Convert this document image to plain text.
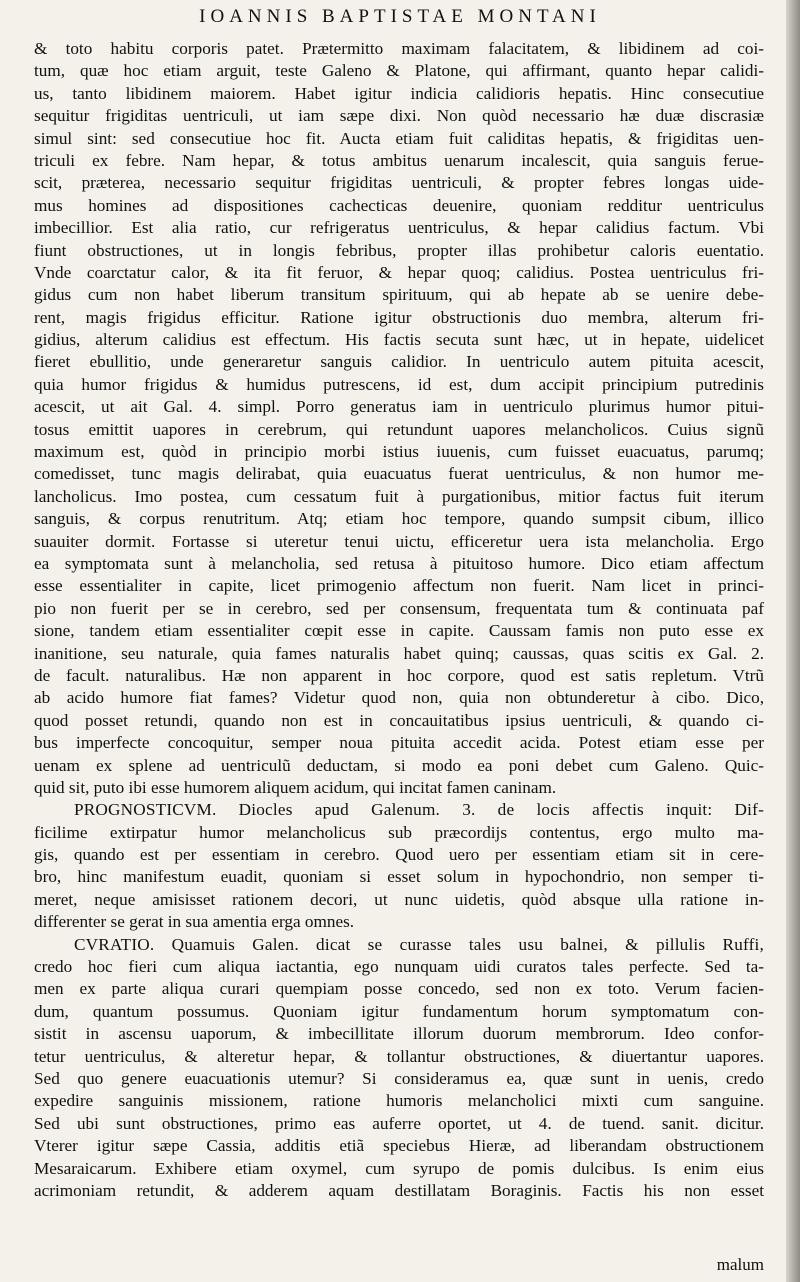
IOANNIS BAPTISTAE MONTANI
& toto habitu corporis patet. Prætermitto maximam falacitatem, & libidinem ad coi-
tum, quæ hoc etiam arguit, teste Galeno & Platone, qui affirmant, quanto hepar calidi-
us, tanto libidinem maiorem. Habet igitur indicia calidioris hepatis. Hinc consecutiue
sequitur frigiditas uentriculi, ut iam sæpe dixi. Non quòd necessario hæ duæ discrasiæ
simul sint: sed consecutiue hoc fit. Aucta etiam fuit caliditas hepatis, & frigiditas uen-
triculi ex febre. Nam hepar, & totus ambitus uenarum incalescit, quia sanguis ferue-
scit, præterea, necessario sequitur frigiditas uentriculi, & propter febres longas uide-
mus homines ad dispositiones cachecticas deuenire, quoniam redditur uentriculus
imbecillior. Est alia ratio, cur refrigeratus uentriculus, & hepar calidius factum. Vbi
fiunt obstructiones, ut in longis febribus, propter illas prohibetur caloris euentatio.
Vnde coarctatur calor, & ita fit feruor, & hepar quoq; calidius. Postea uentriculus fri-
gidus cum non habet liberum transitum spirituum, qui ab hepate ab se uenire debe-
rent, magis frigidus efficitur. Ratione igitur obstructionis duo membra, alterum fri-
gidius, alterum calidius est effectum. His factis secuta sunt hæc, ut in hepate, uidelicet
fieret ebullitio, unde generaretur sanguis calidior. In uentriculo autem pituita acescit,
quia humor frigidus & humidus putrescens, id est, dum accipit principium putredinis
acescit, ut ait Gal. 4. simpl. Porro generatus iam in uentriculo plurimus humor pitui-
tosus emittit uapores in cerebrum, qui retundunt uapores melancholicos. Cuius signũ
maximum est, quòd in principio morbi istius iuuenis, cum fuisset euacuatus, parumq;
comedisset, tunc magis delirabat, quia euacuatus fuerat uentriculus, & non humor me-
lancholicus. Imo postea, cum cessatum fuit à purgationibus, mitior factus fuit iterum
sanguis, & corpus renutritum. Atq; etiam hoc tempore, quando sumpsit cibum, illico
suauiter dormit. Fortasse si uteretur tenui uictu, efficeretur uera ista melancholia. Ergo
ea symptomata sunt à melancholia, sed retusa à pituitoso humore. Dico etiam affectum
esse essentialiter in capite, licet primogenio affectum non fuerit. Nam licet in princi-
pio non fuerit per se in cerebro, sed per consensum, frequentata tum & continuata paf
sione, tandem etiam essentialiter cœpit esse in capite. Caussam famis non puto esse ex
inanitione, seu naturale, quia fames naturalis habet quinq; caussas, quas scitis ex Gal. 2.
de facult. naturalibus. Hæ non apparent in hoc corpore, quod est satis repletum. Vtrũ
ab acido humore fiat fames? Videtur quod non, quia non obtunderetur à cibo. Dico,
quod posset retundi, quando non est in concauitatibus ipsius uentriculi, & quando ci-
bus imperfecte concoquitur, semper noua pituita accedit acida. Potest etiam esse per
uenam ex splene ad uentriculũ deductam, si modo ea poni debet cum Galeno. Quic-
quid sit, puto ibi esse humorem aliquem acidum, qui incitat famen caninam.
PROGNOSTICVM. Diocles apud Galenum. 3. de locis affectis inquit: Dif-
ficilime extirpatur humor melancholicus sub præcordijs contentus, ergo multo ma-
gis, quando est per essentiam in cerebro. Quod uero per essentiam etiam sit in cere-
bro, hinc manifestum euadit, quoniam si esset solum in hypochondrio, non semper ti-
meret, neque amisisset rationem decori, ut nunc uidetis, quòd absque ulla ratione in-
differenter se gerat in sua amentia erga omnes.
CVRATIO. Quamuis Galen. dicat se curasse tales usu balnei, & pillulis Ruffi,
credo hoc fieri cum aliqua iactantia, ego nunquam uidi curatos tales perfecte. Sed ta-
men ex parte aliqua curari quempiam posse concedo, sed non ex toto. Verum facien-
dum, quantum possumus. Quoniam igitur fundamentum horum symptomatum con-
sistit in ascensu uaporum, & imbecillitate illorum duorum membrorum. Ideo confor-
tetur uentriculus, & alteretur hepar, & tollantur obstructiones, & diuertantur uapores.
Sed quo genere euacuationis utemur? Si consideramus ea, quæ sunt in uenis, credo
expedire sanguinis missionem, ratione humoris melancholici mixti cum sanguine.
Sed ubi sunt obstructiones, primo eas auferre oportet, ut 4. de tuend. sanit. dicitur.
Vterer igitur sæpe Cassia, additis etiã speciebus Hieræ, ad liberandam obstructionem
Mesaraicarum. Exhibere etiam oxymel, cum syrupo de pomis dulcibus. Is enim eius
acrimoniam retundit, & adderem aquam destillatam Boraginis. Factis his non esset
malum
